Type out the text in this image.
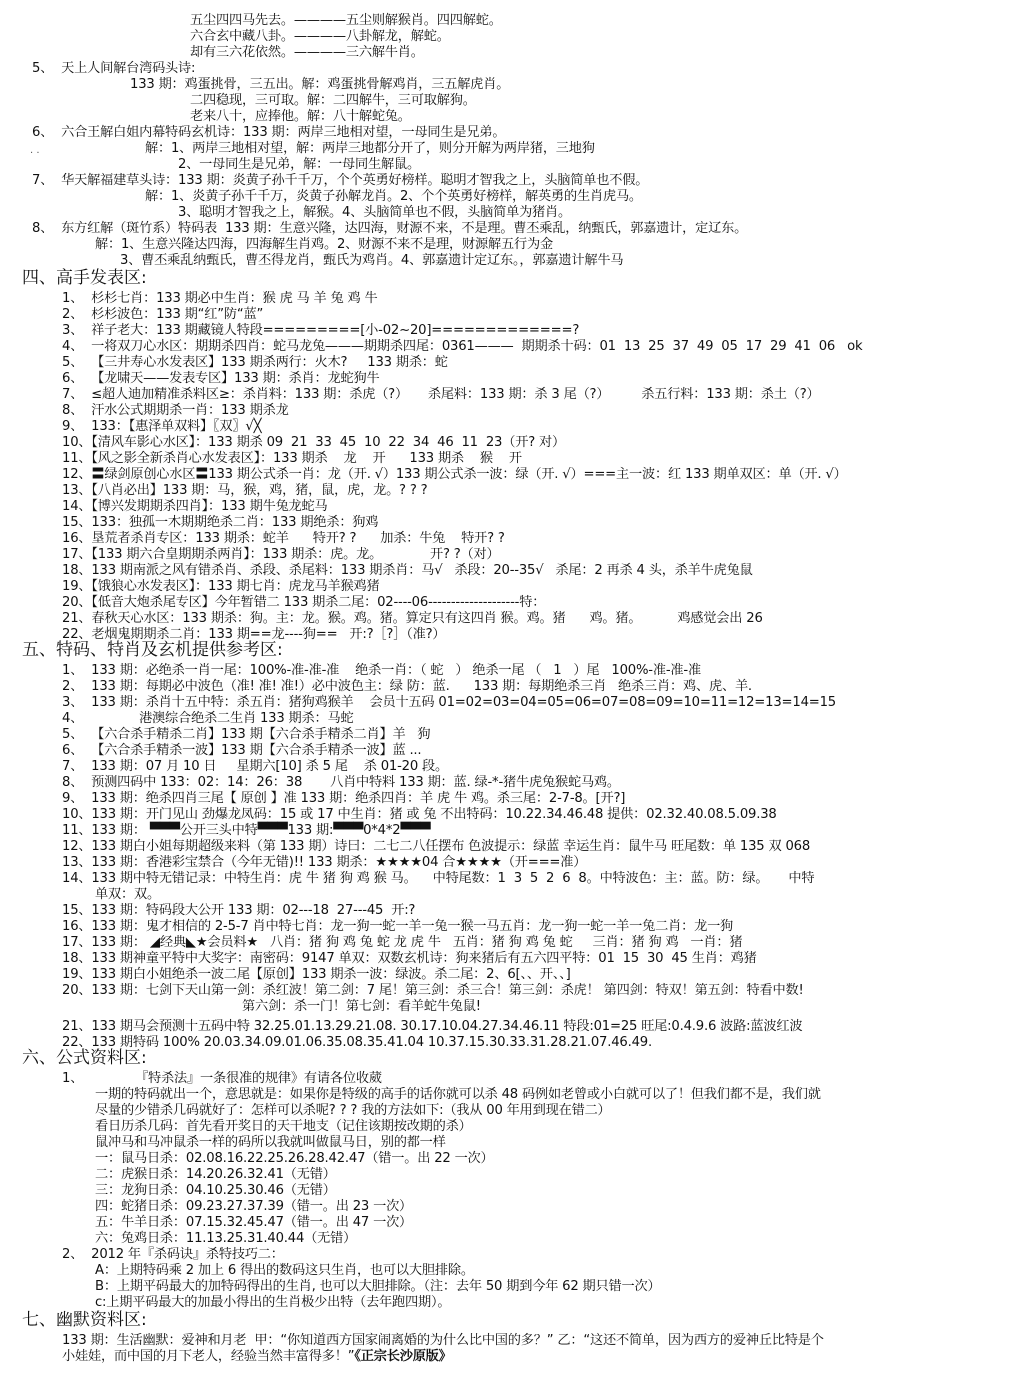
五尘四四马先去。————五尘则解猴肖。四四解蛇。
六合玄中藏八卦。————八卦解龙，解蛇。
却有三六花依然。————三六解牛肖。
5、  天上人间解台湾码头诗:
133 期：鸡蛋挑骨，三五出。解：鸡蛋挑骨解鸡肖，三五解虎肖。
二四稳现，三可取。解：二四解牛，三可取解狗。
老来八十，应捧他。解：八十解蛇兔。
6、  六合王解白姐内幕特码玄机诗：133 期：两岸三地相对望，一母同生是兄弟。
解：1、两岸三地相对望，解：两岸三地都分开了，则分开解为两岸猪，三地狗
2、一母同生是兄弟，解：一母同生解鼠。
7、  华天解福建草头诗：133 期：炎黄子孙千千万，个个英勇好榜样。聪明才智我之上，头脑简单也不假。
解：1、炎黄子孙千千万，炎黄子孙解龙肖。2、个个英勇好榜样，解英勇的生肖虎马。
3、聪明才智我之上，解猴。4、头脑简单也不假，头脑简单为猪肖。
8、  东方红解（斑竹系）特码表  133 期：生意兴隆，达四海，财源不来，不是理。曹丕乘乱，纳甄氏，郭嘉遗计，定辽东。
解：1、生意兴隆达四海，四海解生肖鸡。2、财源不来不是理，财源解五行为金
3、曹丕乘乱纳甄氏，曹丕得龙肖，甄氏为鸡肖。4、郭嘉遗计定辽东。，郭嘉遗计解牛马
· ·
四、高手发表区:
1、  杉杉七肖：133 期必中生肖：猴 虎 马 羊 兔 鸡 牛
2、  杉杉波色：133 期“红”防“蓝”
3、  祥子老大：133 期藏镜人特段=========[小-02~20]=============?
4、  一将双刀心水区：期期杀四肖：蛇马龙兔———期期杀四尾：0361———  期期杀十码：01  13  25  37  49  05  17  29  41  06   ok
5、  【三井寿心水发表区】133 期杀两行：火木?     133 期杀：蛇
6、  【龙啸天——发表专区】133 期：杀肖：龙蛇狗牛
7、  ≤超人迪加精准杀料区≥：杀肖料：133 期：杀虎（?）     杀尾料：133 期：杀 3 尾（?）        杀五行料：133 期：杀土（?）
8、  汗水公式期期杀一肖：133 期杀龙
9、  133：【惠泽单双料】〖双〗√╳
10、【清风车影心水区】：133 期杀 09  21  33  45  10  22  34  46  11  23（开? 对）
11、【风之影全新杀肖心水发表区】：133 期杀    龙    开      133 期杀    猴    开
12、〓绿剑原创心水区〓133 期公式杀一肖：龙（开. √）133 期公式杀一波：绿（开. √）===主一波：红 133 期单双区：单（开. √）
13、【八肖必出】133 期：马，猴，鸡，猪，鼠，虎，龙。? ? ?
14、【博兴发期期杀四肖】：133 期牛兔龙蛇马
15、133：独孤一木期期绝杀二肖：133 期绝杀：狗鸡
16、垦荒者杀肖专区：133 期杀：蛇羊      特开? ?      加杀：牛兔    特开? ?
17、【133 期六合皇期期杀两肖】：133 期杀：虎。龙。            开? ?（对）
18、133 期南派之风有错杀肖、杀段、杀尾料：133 期杀肖：马√   杀段：20--35√   杀尾：2 再杀 4 头，杀羊牛虎兔鼠
19、【饿狼心水发表区】：133 期七肖：虎龙马羊猴鸡猪
20、【低音大炮杀尾专区】今年暂错二 133 期杀二尾：02----06--------------------特：
21、春秋天心水区：133 期杀：狗。主：龙。猴。鸡。猪。算定只有这四肖 猴。鸡。猪      鸡。猪。         鸡感觉会出 26
22、老烟鬼期期杀二肖：133 期==龙----狗==   开:?［?］（准?）
五、特码、特肖及玄机提供参考区:
1、  133 期：必绝杀一肖一尾：100%-准-准-准    绝杀一肖：（ 蛇   ） 绝杀一尾 （   1   ）尾   100%-准-准-准
2、  133 期：每期必中波色（准! 准! 准!）必中波色主：绿 防：蓝.      133 期：每期绝杀三肖   绝杀三肖：鸡、虎、羊.
3、  133 期：杀肖十五中特：杀五肖：猪狗鸡猴羊    会员十五码 01=02=03=04=05=06=07=08=09=10=11=12=13=14=15
4、              港澳综合绝杀二生肖 133 期杀：马蛇
5、  【六合杀手精杀二肖】133 期【六合杀手精杀二肖】羊   狗
6、  【六合杀手精杀一波】133 期【六合杀手精杀一波】蓝 ...
7、  133 期：07 月 10 日     星期六[10] 杀 5 尾    杀 01-20 段。
8、  预测四码中 133：02：14：26：38       八肖中特料 133 期：蓝. 绿-*-猪牛虎兔猴蛇马鸡。
9、  133 期：绝杀四肖三尾【 原创 】准 133 期：绝杀四肖：羊 虎 牛 鸡。杀三尾：2-7-8。[开?]
10、133 期：开门见山 劲爆龙凤码：15 或 17 中生肖：猪 或 兔 不出特码：10.22.34.46.48 提供：02.32.40.08.5.09.38
11、133 期： ▀▀▀公开三头中特▀▀▀133 期:▀▀▀0*4*2▀▀▀
12、133 期白小姐每期超级来料（第 133 期）诗曰：二七二八任摆布 色波提示：绿蓝 幸运生肖：鼠牛马 旺尾数：单 135 双 068
13、133 期：香港彩宝禁合（今年无错)!! 133 期杀：★★★★04 合★★★★（开===准）
14、133 期中特无错记录：中特生肖：虎 牛 猪 狗 鸡 猴 马。    中特尾数：1  3  5  2  6  8。中特波色：主：蓝。防：绿。     中特
单双：双。
15、133 期：特码段大公开 133 期：02---18  27---45  开:?
16、133 期：鬼才相信的 2-5-7 肖中特七肖：龙一狗一蛇一羊一兔一猴一马五肖：龙一狗一蛇一羊一兔二肖：龙一狗
17、133 期： ◢经典◣★会员料★   八肖：猪 狗 鸡 兔 蛇 龙 虎 牛   五肖：猪 狗 鸡 兔 蛇     三肖：猪 狗 鸡   一肖：猪
18、133 期神童平特中大奖字：南密码：9147 单双：双数玄机诗：狗来猪后有五六四平特：01  15  30  45 生肖：鸡猪
19、133 期白小姐绝杀一波二尾【原创】133 期杀一波：绿波。杀二尾：2、6[、、开、、]
20、133 期：七剑下天山第一剑：杀红波！第二剑：7 尾！第三剑：杀三合！第三剑：杀虎！ 第四剑：特双！第五剑：特看中数!
第六剑：杀一门！第七剑：看羊蛇牛兔鼠!
21、133 期马会预测十五码中特 32.25.01.13.29.21.08. 30.17.10.04.27.34.46.11 特段:01=25 旺尾:0.4.9.6 波路:蓝波红波
22、133 期特码 100% 20.03.34.09.01.06.35.08.35.41.04 10.37.15.30.33.31.28.21.07.46.49.
六、公式资料区:
1、             『特杀法』一条很准的规律》有请各位收葳
一期的特码就出一个，意思就是：如果你是特级的高手的话你就可以杀 48 码例如老曾或小白就可以了！但我们都不是，我们就
尽量的少错杀几码就好了：怎样可以杀呢? ? ? 我的方法如下:（我从 00 年用到现在错二）
看日历杀几码：首先看开奖日的天干地支（记住该期按改期的杀）
鼠冲马和马冲鼠杀一样的码所以我就叫做鼠马日，别的都一样
一：鼠马日杀：02.08.16.22.25.26.28.42.47（错一。出 22 一次）
二：虎猴日杀：14.20.26.32.41（无错）
三：龙狗日杀：04.10.25.30.46（无错）
四：蛇猪日杀：09.23.27.37.39（错一。出 23 一次）
五：牛羊日杀：07.15.32.45.47（错一。出 47 一次）
六：兔鸡日杀：11.13.25.31.40.44（无错）
2、  2012 年『杀码诀』杀特技巧二：
A：上期特码乘 2 加上 6 得出的数码这只生肖，也可以大胆排除。
B：上期平码最大的加特码得出的生肖, 也可以大胆排除。（注：去年 50 期到今年 62 期只错一次）
c:上期平码最大的加最小得出的生肖极少出特（去年跑四期）。
七、幽默资料区:
133 期：生活幽默：爱神和月老  甲：“你知道西方国家闹离婚的为什么比中国的多？” 乙：“这还不简单，因为西方的爱神丘比特是个
小娃娃，而中国的月下老人，经验当然丰富得多！”《正宗长沙原版》
